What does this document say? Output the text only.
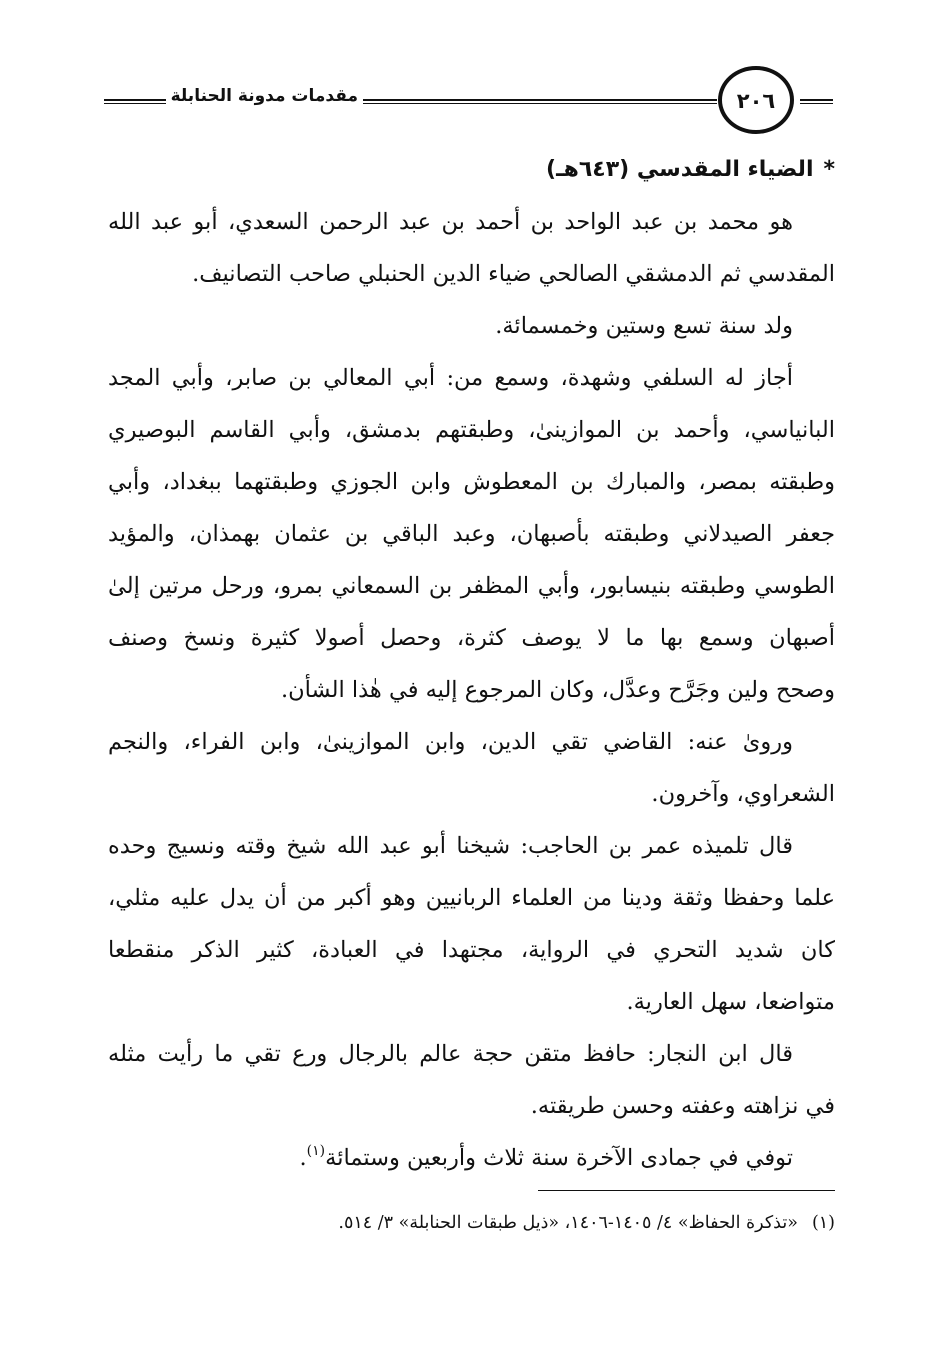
مقدمات مدونة الحنابلة	٢٠٦
*الضياء المقدسي (٦٤٣هـ)

هو محمد بن عبد الواحد بن أحمد بن عبد الرحمن السعدي، أبو عبد الله
المقدسي ثم الدمشقي الصالحي ضياء الدين الحنبلي صاحب التصانيف.

ولد سنة تسع وستين وخمسمائة.

أجاز له السلفي وشهدة، وسمع من: أبي المعالي بن صابر، وأبي المجد
البانياسي، وأحمد بن الموازينیٰ، وطبقتهم بدمشق، وأبي القاسم البوصيري
وطبقته بمصر، والمبارك بن المعطوش وابن الجوزي وطبقتهما ببغداد، وأبي
جعفر الصيدلاني وطبقته بأصبهان، وعبد الباقي بن عثمان بهمذان، والمؤيد
الطوسي وطبقته بنيسابور، وأبي المظفر بن السمعاني بمرو، ورحل مرتين إلىٰ
أصبهان وسمع بها ما لا يوصف كثرة، وحصل أصولا كثيرة ونسخ وصنف
وصحح ولين وجَرَّح وعدَّل، وكان المرجوع إليه في هٰذا الشأن.

ورویٰ عنه: القاضي تقي الدين، وابن الموازينیٰ، وابن الفراء، والنجم
الشعراوي، وآخرون.

قال تلميذه عمر بن الحاجب: شيخنا أبو عبد الله شيخ وقته ونسيج وحده
علما وحفظا وثقة ودينا من العلماء الربانيين وهو أكبر من أن يدل عليه مثلي،
كان شديد التحري في الرواية، مجتهدا في العبادة، كثير الذكر منقطعا
متواضعا، سهل العارية.

قال ابن النجار: حافظ متقن حجة عالم بالرجال ورع تقي ما رأيت مثله
في نزاهته وعفته وحسن طريقته.

توفي في جمادى الآخرة سنة ثلاث وأربعين وستمائة$^{(١)}$.

(١)«تذكرة الحفاظ» ٤/ ١٤٠٥-١٤٠٦، «ذيل طبقات الحنابلة» ٣/ ٥١٤.
